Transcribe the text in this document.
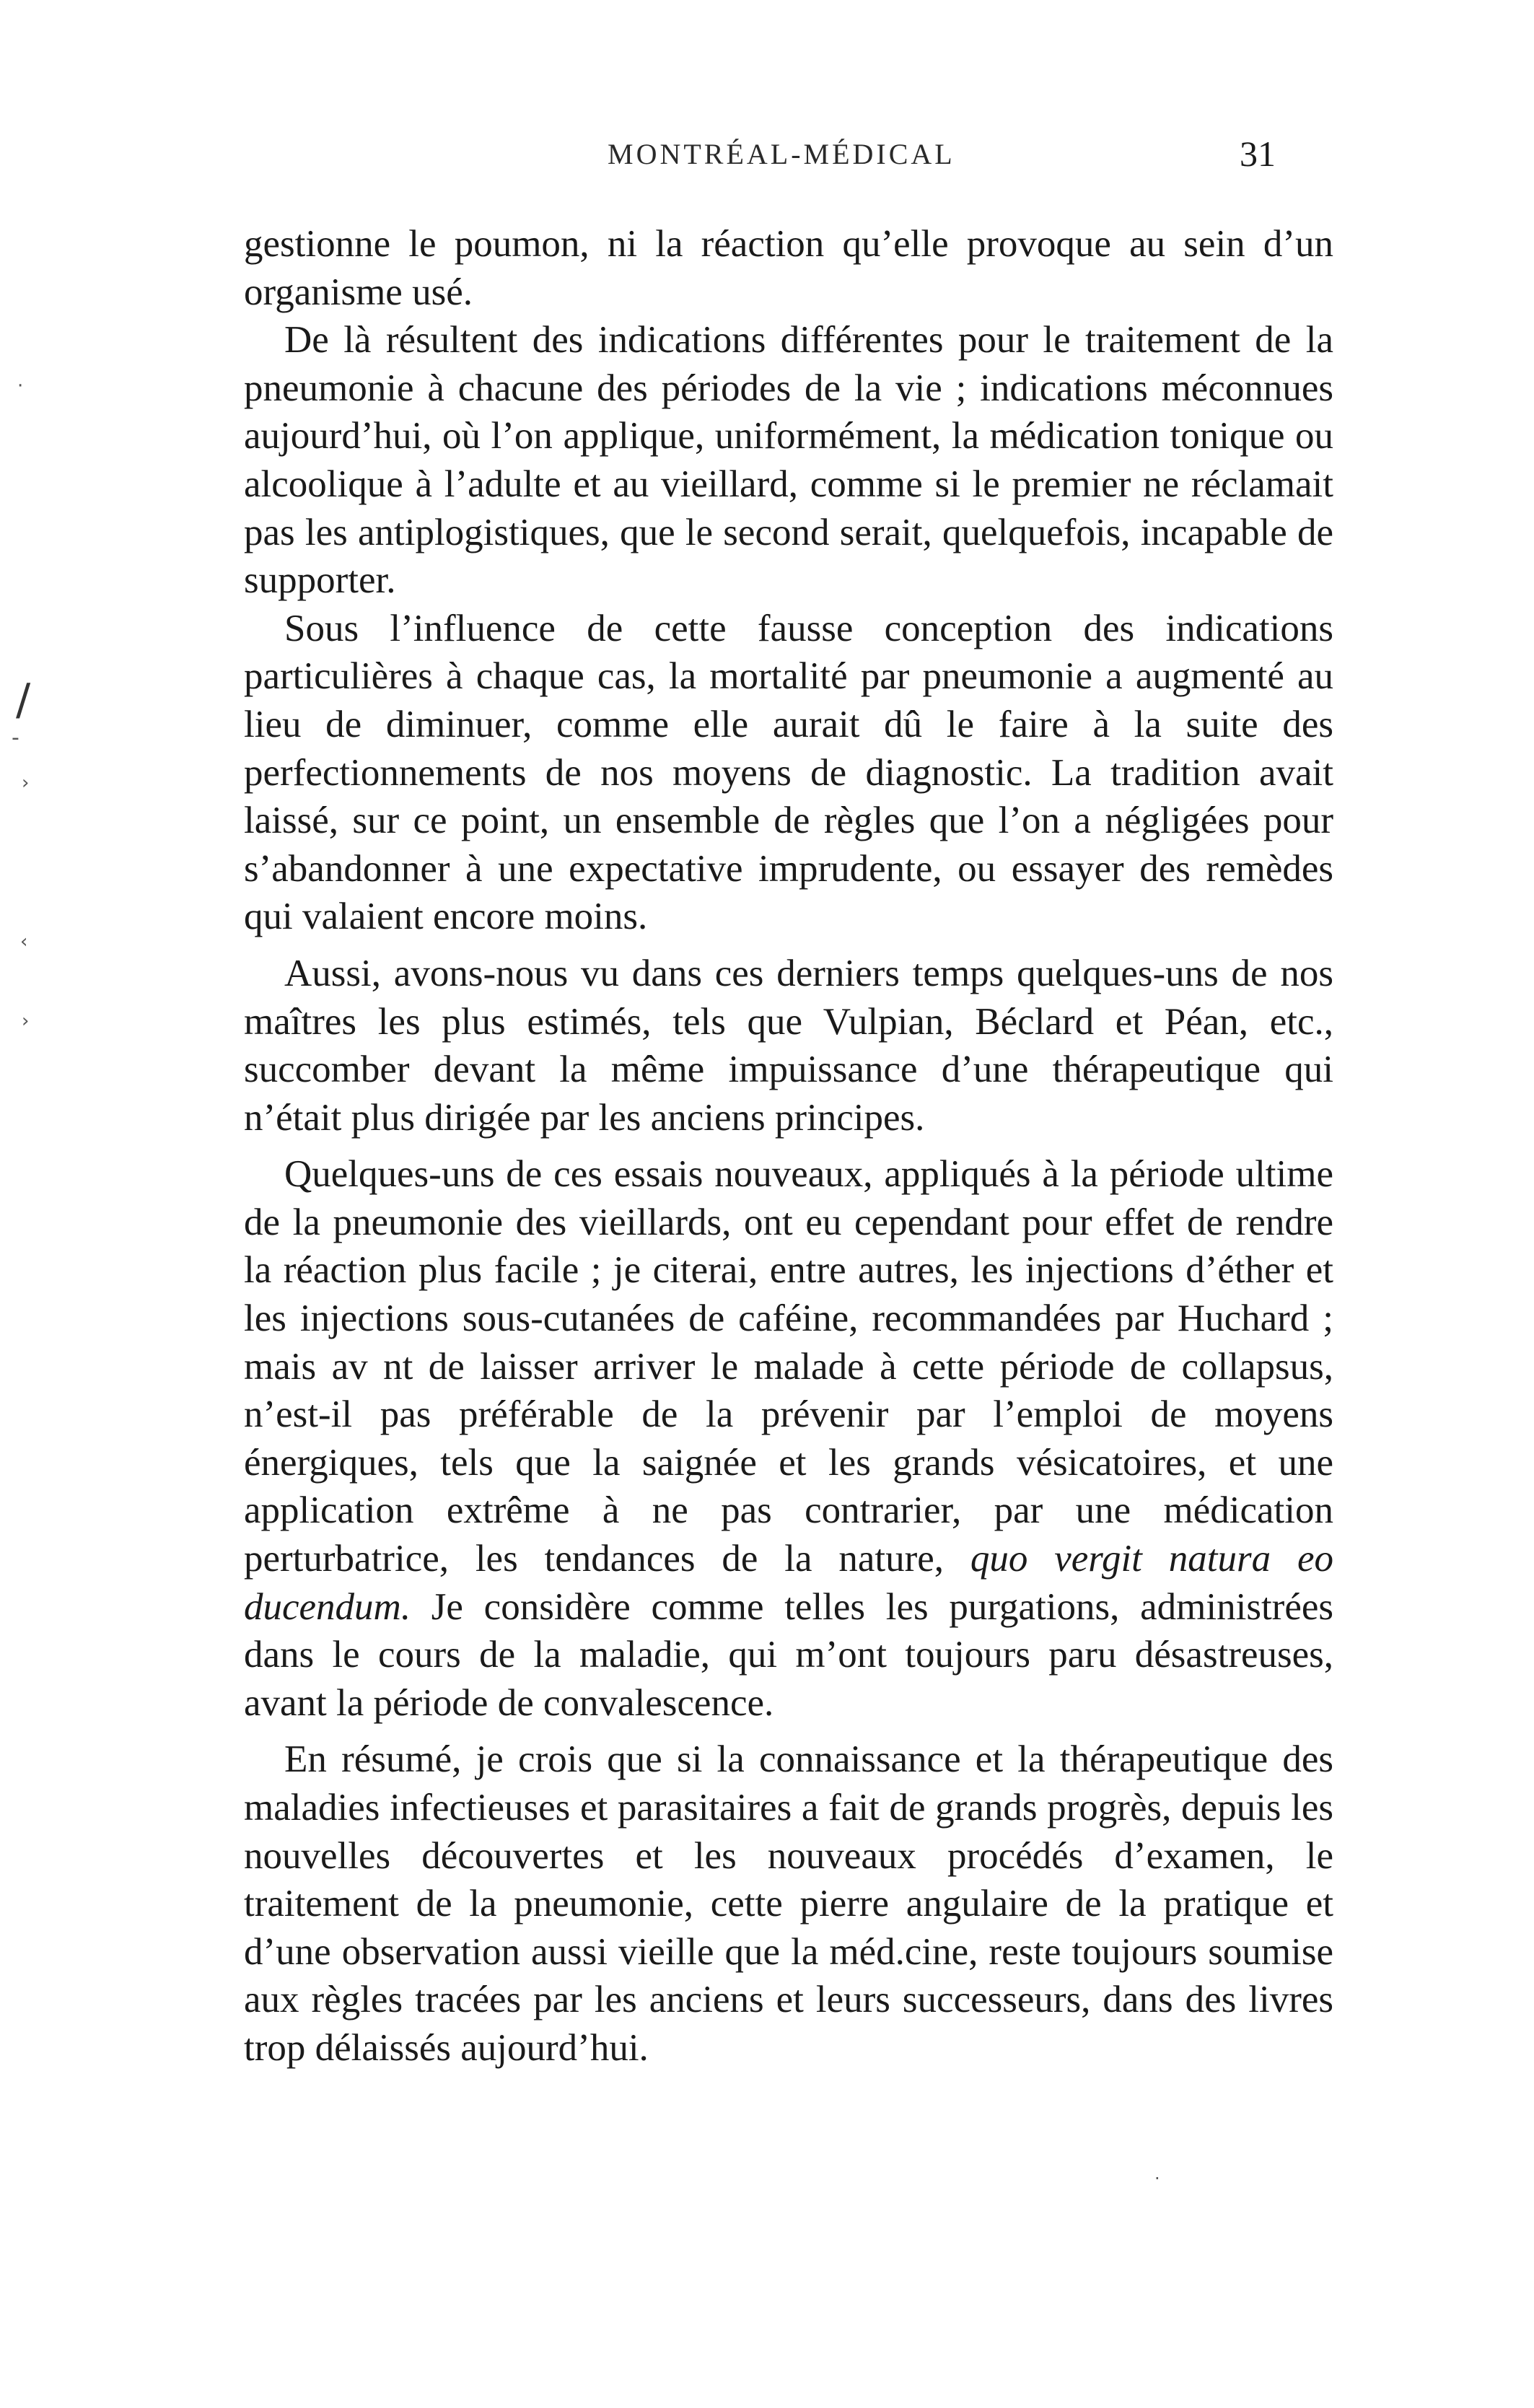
MONTRÉAL-MÉDICAL	31

gestionne le poumon, ni la réaction qu’elle provoque au sein d’un organisme usé.

De là résultent des indications différentes pour le traitement de la pneumonie à chacune des périodes de la vie ; indications méconnues aujourd’hui, où l’on applique, uniformément, la médication tonique ou alcoolique à l’adulte et au vieillard, comme si le premier ne réclamait pas les antiplogistiques, que le second serait, quelquefois, incapable de supporter.

Sous l’influence de cette fausse conception des indications particulières à chaque cas, la mortalité par pneumonie a augmenté au lieu de diminuer, comme elle aurait dû le faire à la suite des perfectionnements de nos moyens de diagnostic. La tradition avait laissé, sur ce point, un ensemble de règles que l’on a négligées pour s’abandonner à une expectative imprudente, ou essayer des remèdes qui valaient encore moins.

Aussi, avons-nous vu dans ces derniers temps quelques-uns de nos maîtres les plus estimés, tels que Vulpian, Béclard et Péan, etc., succomber devant la même impuissance d’une thérapeutique qui n’était plus dirigée par les anciens principes.

Quelques-uns de ces essais nouveaux, appliqués à la période ultime de la pneumonie des vieillards, ont eu cependant pour effet de rendre la réaction plus facile ; je citerai, entre autres, les injections d’éther et les injections sous-cutanées de caféine, recommandées par Huchard ; mais av nt de laisser arriver le malade à cette période de collapsus, n’est-il pas préférable de la prévenir par l’emploi de moyens énergiques, tels que la saignée et les grands vésicatoires, et une application extrême à ne pas contrarier, par une médication perturbatrice, les tendances de la nature, quo vergit natura eo ducendum. Je considère comme telles les purgations, administrées dans le cours de la maladie, qui m’ont toujours paru désastreuses, avant la période de convalescence.

En résumé, je crois que si la connaissance et la thérapeutique des maladies infectieuses et parasitaires a fait de grands progrès, depuis les nouvelles découvertes et les nouveaux procédés d’examen, le traitement de la pneumonie, cette pierre angulaire de la pratique et d’une observation aussi vieille que la méd.cine, reste toujours soumise aux règles tracées par les anciens et leurs successeurs, dans des livres trop délaissés aujourd’hui.

/
-
·
›
‹
›
·
